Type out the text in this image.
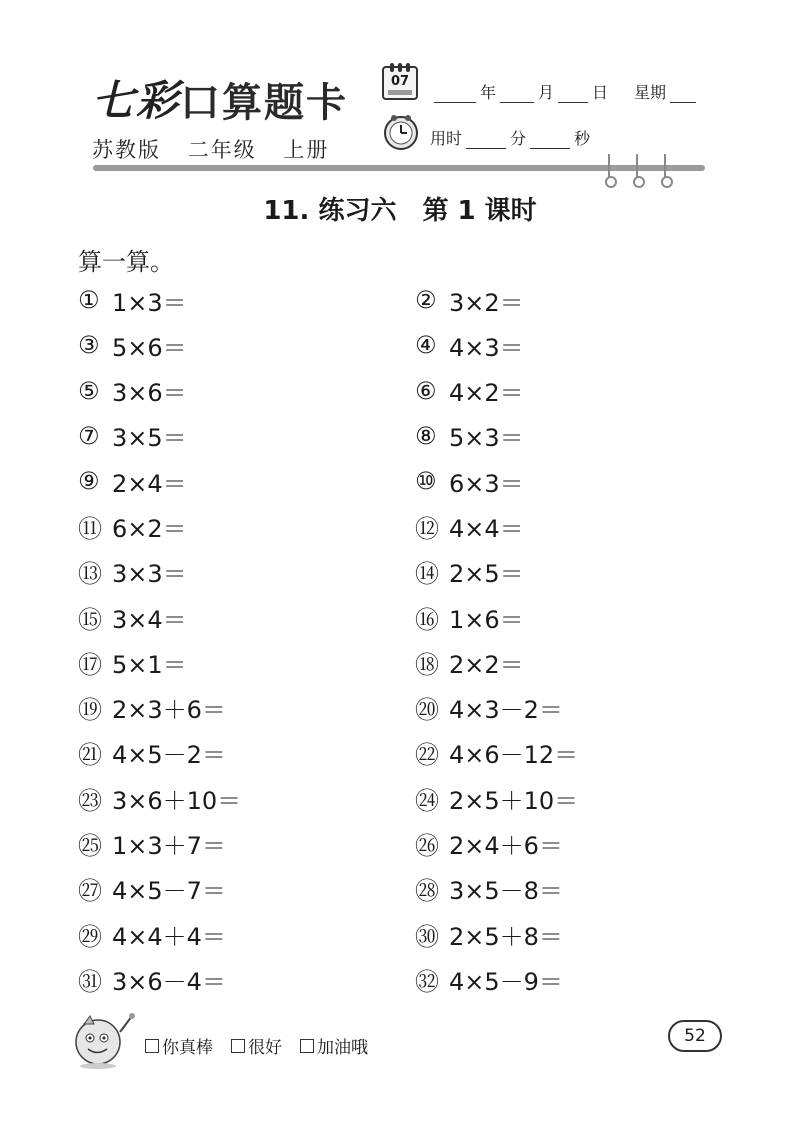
七彩 口算题卡
苏教版 二年级 上册
07
年	月 日 星期
用时	分	秒
11. 练习六　第 1 课时
算一算。
① 1×3＝	② 3×2＝
③ 5×6＝	④ 4×3＝
⑤ 3×6＝	⑥ 4×2＝
⑦ 3×5＝	⑧ 5×3＝
⑨ 2×4＝	⑩ 6×3＝
⑪ 6×2＝	⑫ 4×4＝
⑬ 3×3＝	⑭ 2×5＝
⑮ 3×4＝	⑯ 1×6＝
⑰ 5×1＝	⑱ 2×2＝
⑲ 2×3＋6＝	⑳ 4×3－2＝
㉑ 4×5－2＝	㉒ 4×6－12＝
㉓ 3×6＋10＝	㉔ 2×5＋10＝
㉕ 1×3＋7＝	㉖ 2×4＋6＝
㉗ 4×5－7＝	㉘ 3×5－8＝
㉙ 4×4＋4＝	㉚ 2×5＋8＝
㉛ 3×6－4＝	㉜ 4×5－9＝
你真棒 很好 加油哦
52
